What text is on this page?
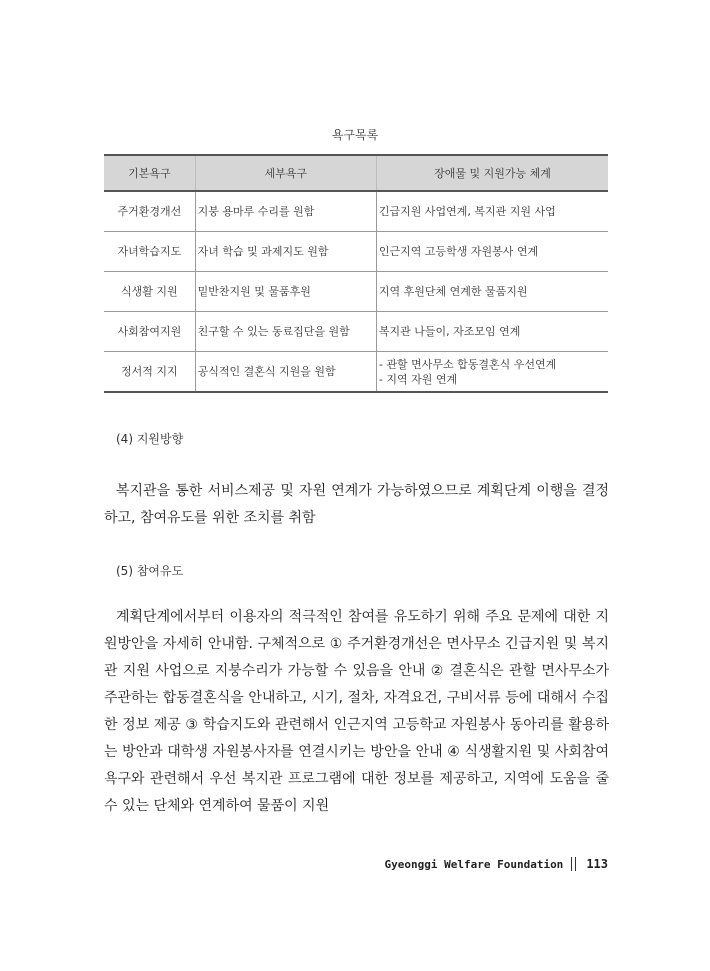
욕구목록
기본욕구	세부욕구	장애물 및 지원가능 체계
주거환경개선	지붕 용마루 수리를 원함	긴급지원 사업연계, 복지관 지원 사업

자녀학습지도	자녀 학습 및 과제지도 원함	인근지역 고등학생 자원봉사 연계

식생활 지원	밑반찬지원 및 물품후원	지역 후원단체 연계한 물품지원

사회참여지원	친구할 수 있는 동료집단을 원함	복지관 나들이, 자조모임 연계

정서적 지지	공식적인 결혼식 지원을 원함	- 관할 면사무소 합동결혼식 우선연계
- 지역 자원 연계
(4) 지원방향

복지관을 통한 서비스제공 및 자원 연계가 가능하였으므로 계획단계 이행을 결정하고, 참여유도를 위한 조치를 취함

(5) 참여유도

계획단계에서부터 이용자의 적극적인 참여를 유도하기 위해 주요 문제에 대한 지원방안을 자세히 안내함. 구체적으로 ① 주거환경개선은 면사무소 긴급지원 및 복지관 지원 사업으로 지붕수리가 가능할 수 있음을 안내 ② 결혼식은 관할 면사무소가 주관하는 합동결혼식을 안내하고, 시기, 절차, 자격요건, 구비서류 등에 대해서 수집한 정보 제공 ③ 학습지도와 관련해서 인근지역 고등학교 자원봉사 동아리를 활용하는 방안과 대학생 자원봉사자를 연결시키는 방안을 안내 ④ 식생활지원 및 사회참여 욕구와 관련해서 우선 복지관 프로그램에 대한 정보를 제공하고, 지역에 도움을 줄 수 있는 단체와 연계하여 물품이 지원

Gyeonggi Welfare Foundation 113
